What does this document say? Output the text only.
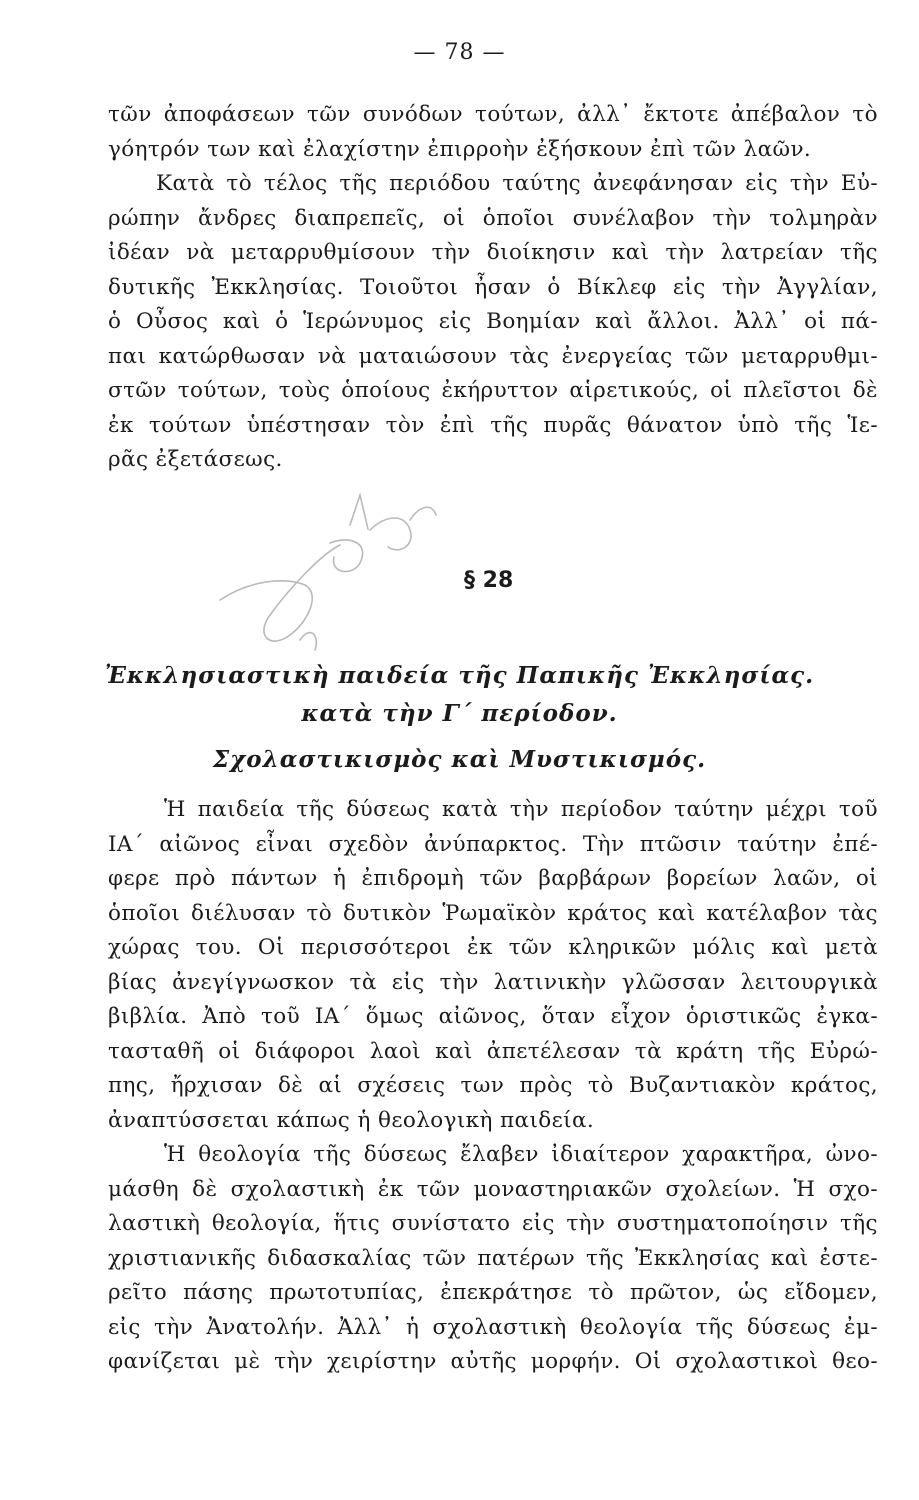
— 78 —
τῶν ἀποφάσεων τῶν συνόδων τούτων, ἀλλ᾽ ἔκτοτε ἀπέβαλον τὸ
γόητρόν των καὶ ἐλαχίστην ἐπιρροὴν ἐξήσκουν ἐπὶ τῶν λαῶν.
Κατὰ τὸ τέλος τῆς περιόδου ταύτης ἀνεφάνησαν εἰς τὴν Εὐ-
ρώπην ἄνδρες διαπρεπεῖς, οἱ ὁποῖοι συνέλαβον τὴν τολμηρὰν
ἰδέαν νὰ μεταρρυθμίσουν τὴν διοίκησιν καὶ τὴν λατρείαν τῆς
δυτικῆς Ἐκκλησίας. Τοιοῦτοι ἦσαν ὁ Βίκλεφ εἰς τὴν Ἀγγλίαν,
ὁ Οὖσος καὶ ὁ Ἱερώνυμος εἰς Βοημίαν καὶ ἄλλοι. Ἀλλ᾽ οἱ πά-
παι κατώρθωσαν νὰ ματαιώσουν τὰς ἐνεργείας τῶν μεταρρυθμι-
στῶν τούτων, τοὺς ὁποίους ἐκήρυττον αἱρετικούς, οἱ πλεῖστοι δὲ
ἐκ τούτων ὑπέστησαν τὸν ἐπὶ τῆς πυρᾶς θάνατον ὑπὸ τῆς Ἱε-
ρᾶς ἐξετάσεως.
§ 28
Ἐκκλησιαστικὴ παιδεία τῆς Παπικῆς Ἐκκλησίας.
κατὰ τὴν Γ΄ περίοδον.
Σχολαστικισμὸς καὶ Μυστικισμός.
Ἡ παιδεία τῆς δύσεως κατὰ τὴν περίοδον ταύτην μέχρι τοῦ
ΙΑ΄ αἰῶνος εἶναι σχεδὸν ἀνύπαρκτος. Τὴν πτῶσιν ταύτην ἐπέ-
φερε πρὸ πάντων ἡ ἐπιδρομὴ τῶν βαρβάρων βορείων λαῶν, οἱ
ὁποῖοι διέλυσαν τὸ δυτικὸν Ῥωμαϊκὸν κράτος καὶ κατέλαβον τὰς
χώρας του. Οἱ περισσότεροι ἐκ τῶν κληρικῶν μόλις καὶ μετὰ
βίας ἀνεγίγνωσκον τὰ εἰς τὴν λατινικὴν γλῶσσαν λειτουργικὰ
βιβλία. Ἀπὸ τοῦ ΙΑ΄ ὅμως αἰῶνος, ὅταν εἶχον ὁριστικῶς ἐγκα-
τασταθῆ οἱ διάφοροι λαοὶ καὶ ἀπετέλεσαν τὰ κράτη τῆς Εὐρώ-
πης, ἤρχισαν δὲ αἱ σχέσεις των πρὸς τὸ Βυζαντιακὸν κράτος,
ἀναπτύσσεται κάπως ἡ θεολογικὴ παιδεία.
Ἡ θεολογία τῆς δύσεως ἔλαβεν ἰδιαίτερον χαρακτῆρα, ὠνο-
μάσθη δὲ σχολαστικὴ ἐκ τῶν μοναστηριακῶν σχολείων. Ἡ σχο-
λαστικὴ θεολογία, ἥτις συνίστατο εἰς τὴν συστηματοποίησιν τῆς
χριστιανικῆς διδασκαλίας τῶν πατέρων τῆς Ἐκκλησίας καὶ ἐστε-
ρεῖτο πάσης πρωτοτυπίας, ἐπεκράτησε τὸ πρῶτον, ὡς εἴδομεν,
εἰς τὴν Ἀνατολήν. Ἀλλ᾽ ἡ σχολαστικὴ θεολογία τῆς δύσεως ἐμ-
φανίζεται μὲ τὴν χειρίστην αὐτῆς μορφήν. Οἱ σχολαστικοὶ θεο-
